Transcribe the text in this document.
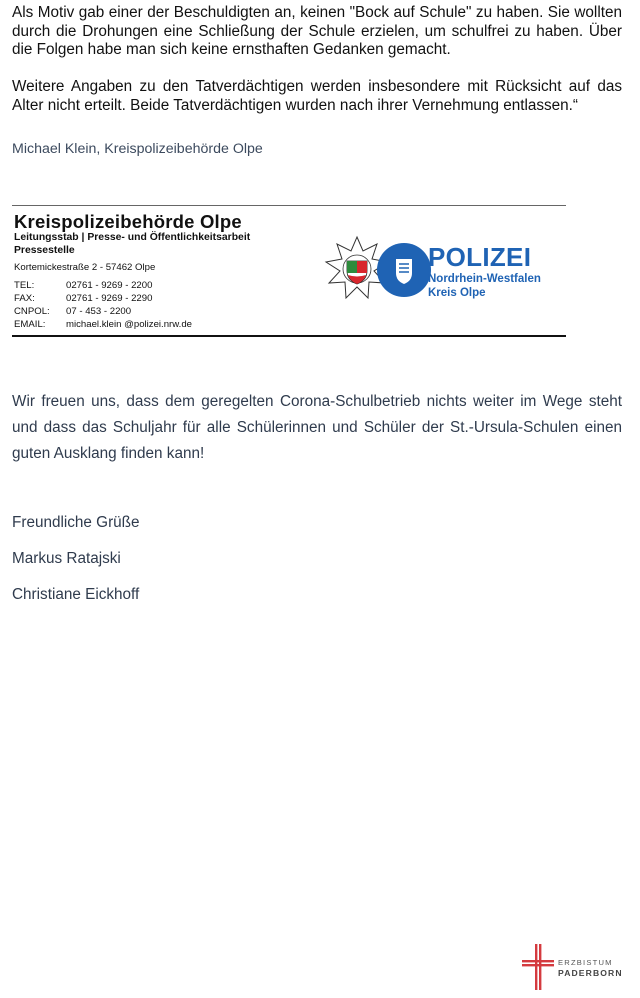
Als Motiv gab einer der Beschuldigten an, keinen "Bock auf Schule" zu haben. Sie wollten durch die Drohungen eine Schließung der Schule erzielen, um schulfrei zu haben. Über die Folgen habe man sich keine ernsthaften Gedanken gemacht.

Weitere Angaben zu den Tatverdächtigen werden insbesondere mit Rücksicht auf das Alter nicht erteilt. Beide Tatverdächtigen wurden nach ihrer Vernehmung entlassen.“

Michael Klein, Kreispolizeibehörde Olpe

Kreispolizeibehörde Olpe
Leitungsstab | Presse- und Öffentlichkeitsarbeit
Pressestelle
Kortemickestraße 2 - 57462 Olpe
TEL:	02761 - 9269 - 2200
FAX:	02761 - 9269 - 2290
CNPOL: 07 - 453 - 2200
EMAIL: michael.klein @polizei.nrw.de
POLIZEI
Nordrhein-Westfalen
Kreis Olpe

Wir freuen uns, dass dem geregelten Corona-Schulbetrieb nichts weiter im Wege steht und dass das Schuljahr für alle Schülerinnen und Schüler der St.-Ursula-Schulen einen guten Ausklang finden kann!

Freundliche Grüße

Markus Ratajski

Christiane Eickhoff

ERZBISTUM
PADERBORN
